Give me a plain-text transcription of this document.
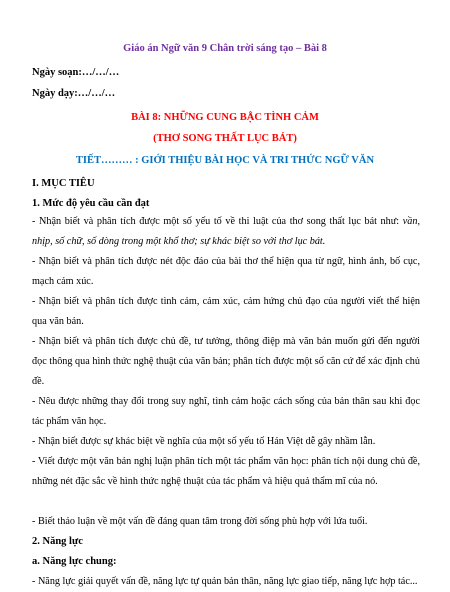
Giáo án Ngữ văn 9 Chân trời sáng tạo – Bài 8
Ngày soạn:…/…/…
Ngày dạy:…/…/…
BÀI 8: NHỮNG CUNG BẬC TÌNH CẢM
(THƠ SONG THẤT LỤC BÁT)
TIẾT……… : GIỚI THIỆU BÀI HỌC VÀ TRI THỨC NGỮ VĂN
I. MỤC TIÊU
1. Mức độ yêu cầu cần đạt
- Nhận biết và phân tích được một số yếu tố về thi luật của thơ song thất lục bát như: vần, nhịp, số chữ, số dòng trong một khổ thơ; sự khác biệt so với thơ lục bát.
- Nhận biết và phân tích được nét độc đáo của bài thơ thể hiện qua từ ngữ, hình ảnh, bố cục, mạch cảm xúc.
- Nhận biết và phân tích được tình cảm, cảm xúc, cảm hứng chủ đạo của người viết thể hiện qua văn bản.
- Nhận biết và phân tích được chủ đề, tư tưởng, thông điệp mà văn bản muốn gửi đến người đọc thông qua hình thức nghệ thuật của văn bản; phân tích được một số căn cứ để xác định chủ đề.
- Nêu được những thay đổi trong suy nghĩ, tình cảm hoặc cách sống của bản thân sau khi đọc tác phẩm văn học.
- Nhận biết được sự khác biệt về nghĩa của một số yếu tố Hán Việt dễ gây nhầm lẫn.
- Viết được một văn bản nghị luận phân tích một tác phẩm văn học: phân tích nội dung chủ đề, những nét đặc sắc về hình thức nghệ thuật của tác phẩm và hiệu quả thẩm mĩ của nó.
- Biết thảo luận về một vấn đề đáng quan tâm trong đời sống phù hợp với lứa tuổi.
2. Năng lực
a. Năng lực chung:
- Năng lực giải quyết vấn đề, năng lực tự quản bản thân, năng lực giao tiếp, năng lực hợp tác...
